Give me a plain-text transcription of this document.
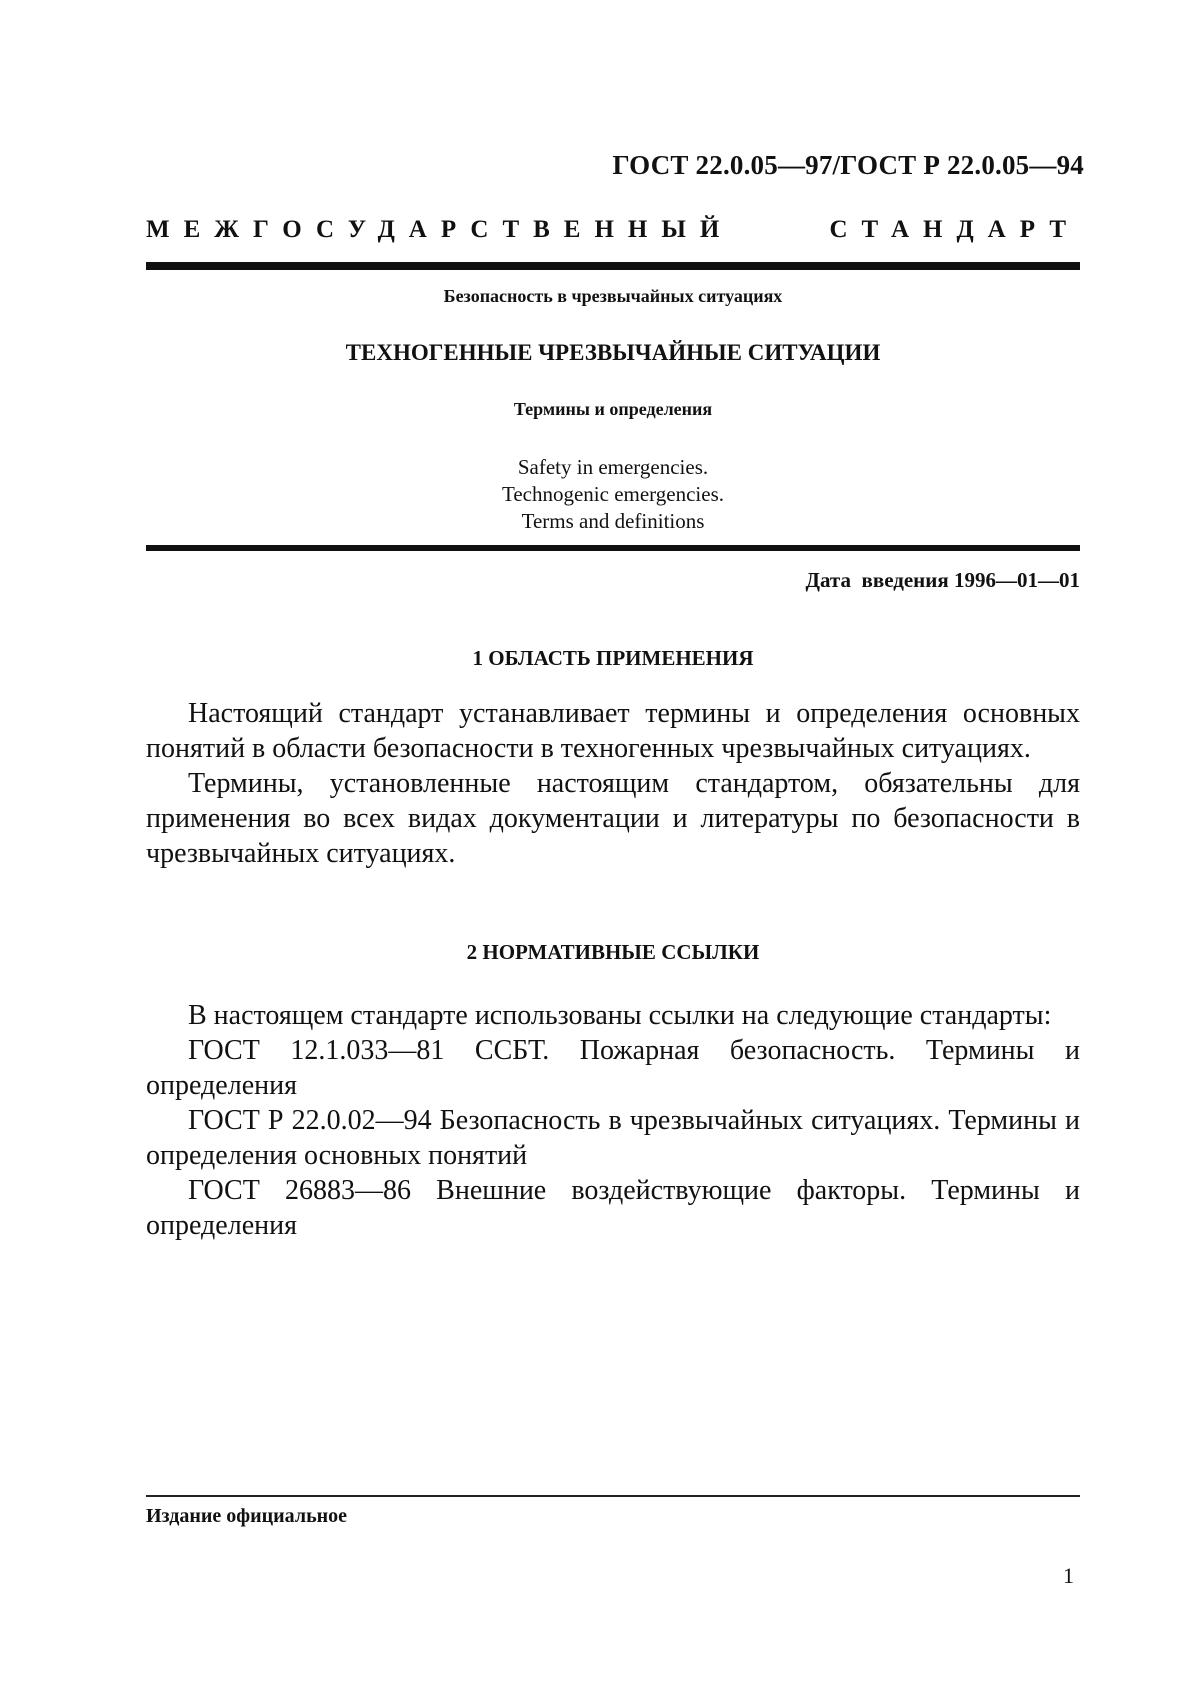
ГОСТ 22.0.05—97/ГОСТ Р 22.0.05—94
МЕЖГОСУДАРСТВЕННЫЙ	СТАНДАРТ
Безопасность в чрезвычайных ситуациях
ТЕХНОГЕННЫЕ ЧРЕЗВЫЧАЙНЫЕ СИТУАЦИИ
Термины и определения
Safety in emergencies.
Technogenic emergencies.
Terms and definitions
Дата  введения 1996—01—01
1 ОБЛАСТЬ ПРИМЕНЕНИЯ

Настоящий стандарт устанавливает термины и определения основных понятий в области безопасности в техногенных чрезвычайных ситуациях.

Термины, установленные настоящим стандартом, обязательны для применения во всех видах документации и литературы по безопасности в чрезвычайных ситуациях.

2 НОРМАТИВНЫЕ ССЫЛКИ

В настоящем стандарте использованы ссылки на следующие стандарты:

ГОСТ 12.1.033—81 ССБТ. Пожарная безопасность. Термины и определения

ГОСТ Р 22.0.02—94 Безопасность в чрезвычайных ситуациях. Термины и определения основных понятий

ГОСТ 26883—86 Внешние воздействующие факторы. Термины и определения

Издание официальное
1
